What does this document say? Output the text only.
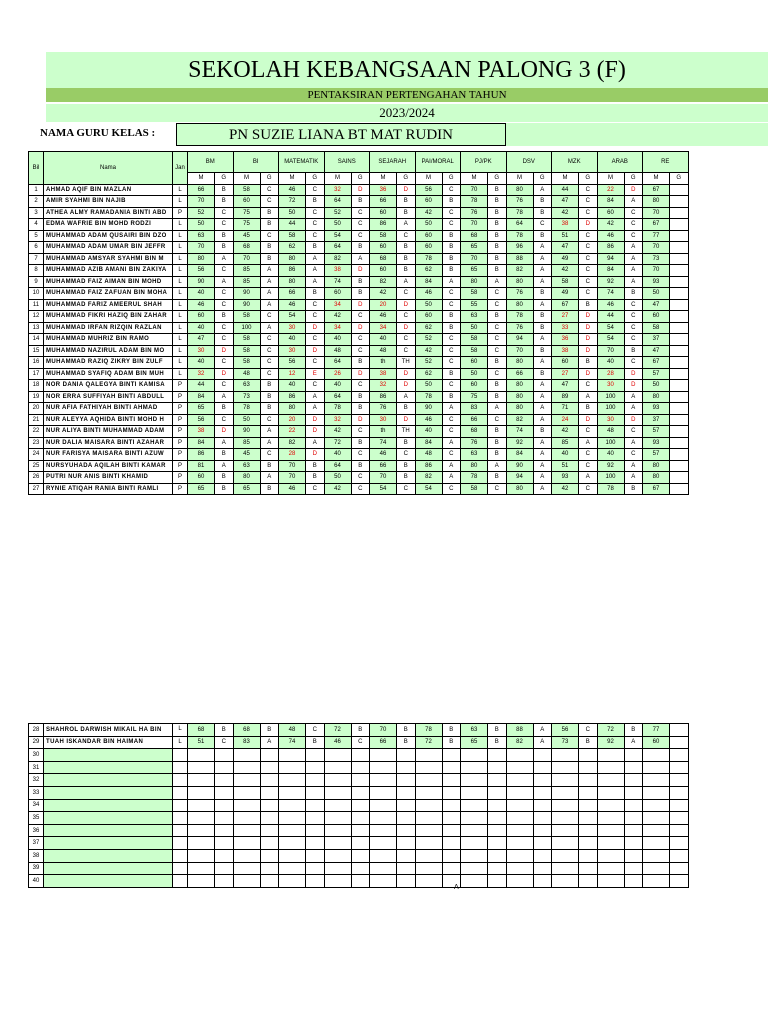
SEKOLAH KEBANGSAAN PALONG 3 (F)
PENTAKSIRAN PERTENGAHAN TAHUN
2023/2024
NAMA GURU KELAS :	PN SUZIE LIANA BT MAT RUDIN
Bil	Nama	Jan	BM		BI		MATEMATIK		SAINS		SEJARAH		PAI/MORAL		PJ/PK		DSV		MZK		ARAB		RE	
			M	G	M	G	M	G	M	G	M	G	M	G	M	G	M	G	M	G	M	G	M	G
1	AHMAD AQIF BIN MAZLAN	L	66	B	58	C	46	C	32	D	36	D	56	C	70	B	80	A	44	C	22	D	67	
2	AMIR SYAHMI BIN NAJIB	L	70	B	60	C	72	B	64	B	66	B	60	B	78	B	76	B	47	C	84	A	80	
3	ATHEA ALMY RAMADANIA BINTI ABD	P	52	C	75	B	50	C	52	C	60	B	42	C	76	B	78	B	42	C	60	C	70	
4	EDMA WAFRIE BIN MOHD RODZI	L	50	C	75	B	44	C	50	C	86	A	50	C	70	B	64	C	38	D	42	C	67	
5	MUHAMMAD ADAM QUSAIRI BIN DZO	L	63	B	45	C	58	C	54	C	58	C	60	B	68	B	78	B	51	C	46	C	77	
6	MUHAMMAD ADAM UMAR BIN JEFFR	L	70	B	68	B	62	B	64	B	60	B	60	B	65	B	96	A	47	C	86	A	70	
7	MUHAMMAD AMSYAR SYAHMI BIN M	L	80	A	70	B	80	A	82	A	68	B	78	B	70	B	88	A	49	C	94	A	73	
8	MUHAMMAD AZIB AMANI BIN ZAKIYA	L	56	C	85	A	86	A	38	D	60	B	62	B	65	B	82	A	42	C	84	A	70	
9	MUHAMMAD FAIZ AIMAN BIN MOHD	L	90	A	85	A	80	A	74	B	82	A	84	A	80	A	80	A	58	C	92	A	93	
10	MUHAMMAD FAIZ ZAFUAN BIN MOHA	L	40	C	90	A	66	B	60	B	42	C	46	C	58	C	76	B	49	C	74	B	50	
11	MUHAMMAD FARIZ AMEERUL SHAH	L	46	C	90	A	46	C	34	D	20	D	50	C	55	C	80	A	67	B	46	C	47	
12	MUHAMMAD FIKRI HAZIQ BIN ZAHAR	L	60	B	58	C	54	C	42	C	46	C	60	B	63	B	78	B	27	D	44	C	60	
13	MUHAMMAD IRFAN RIZQIN RAZLAN	L	40	C	100	A	30	D	34	D	34	D	62	B	50	C	76	B	33	D	54	C	58	
14	MUHAMMAD MUHRIZ BIN RAMO	L	47	C	58	C	40	C	40	C	40	C	52	C	58	C	94	A	36	D	54	C	37	
15	MUHAMMAD NAZIRUL ADAM BIN MO	L	30	D	58	C	30	D	48	C	48	C	42	C	58	C	70	B	38	D	70	B	47	
16	MUHAMMAD RAZIQ ZIKRY BIN ZULF	L	40	C	58	C	56	C	64	B	th	TH	52	C	60	B	80	A	60	B	40	C	67	
17	MUHAMMAD SYAFIQ ADAM BIN MUH	L	32	D	48	C	12	E	26	D	38	D	62	B	50	C	66	B	27	D	28	D	57	
18	NOR DANIA QALEGYA BINTI KAMISA	P	44	C	63	B	40	C	40	C	32	D	50	C	60	B	80	A	47	C	30	D	50	
19	NOR ERRA SUFFIYAH BINTI ABDULL	P	84	A	73	B	86	A	64	B	86	A	78	B	75	B	80	A	89	A	100	A	80	
20	NUR AFIA FATHIYAH BINTI AHMAD	P	65	B	78	B	80	A	78	B	76	B	90	A	83	A	80	A	71	B	100	A	93	
21	NUR ALEYYA AQHIDA BINTI MOHD H	P	56	C	50	C	20	D	32	D	30	D	46	C	66	C	82	A	24	D	30	D	37	
22	NUR ALIYA BINTI MUHAMMAD ADAM	P	38	D	90	A	22	D	42	C	th	TH	40	C	68	B	74	B	42	C	48	C	57	
23	NUR DALIA MAISARA BINTI AZAHAR	P	84	A	85	A	82	A	72	B	74	B	84	A	76	B	92	A	85	A	100	A	93	
24	NUR FARISYA MAISARA BINTI AZUW	P	86	B	45	C	28	D	40	C	46	C	48	C	63	B	84	A	40	C	40	C	57	
25	NURSYUHADA AQILAH BINTI KAMAR	P	81	A	63	B	70	B	64	B	66	B	86	A	80	A	90	A	51	C	92	A	80	
26	PUTRI NUR ANIS BINTI KHAMID	P	60	B	80	A	70	B	50	C	70	B	82	A	78	B	94	A	93	A	100	A	80	
27	RYNIE ATIQAH RANIA BINTI RAMLI	P	65	B	65	B	46	C	42	C	54	C	54	C	58	C	80	A	42	C	78	B	67	
28	SHAHROL DARWISH MIKAIL HA BIN	L	68	B	68	B	48	C	72	B	70	B	78	B	63	B	88	A	56	C	72	B	77	
29	TUAH ISKANDAR BIN HAIMAN	L	51	C	83	A	74	B	46	C	66	B	72	B	65	B	82	A	73	B	92	A	60	
30																								
31																								
32																								
33																								
34																								
35																								
36																								
37																								
38																								
39																								
40																								
A
